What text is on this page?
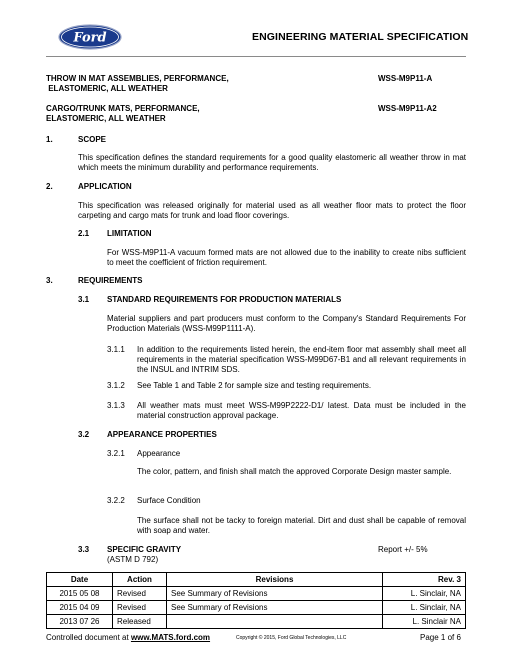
Ford	ENGINEERING MATERIAL SPECIFICATION
THROW IN MAT ASSEMBLIES, PERFORMANCE,
ELASTOMERIC, ALL WEATHER
WSS-M9P11-A
CARGO/TRUNK MATS, PERFORMANCE,
ELASTOMERIC, ALL WEATHER
WSS-M9P11-A2
1.	SCOPE
This specification defines the standard requirements for a good quality elastomeric all weather throw in mat which meets the minimum durability and performance requirements.
2.	APPLICATION
This specification was released originally for material used as all weather floor mats to protect the floor carpeting and cargo mats for trunk and load floor coverings.
2.1 LIMITATION
For WSS-M9P11-A vacuum formed mats are not allowed due to the inability to create nibs sufficient to meet the coefficient of friction requirement.
3.	REQUIREMENTS
3.1 STANDARD REQUIREMENTS FOR PRODUCTION MATERIALS
Material suppliers and part producers must conform to the Company's Standard Requirements For Production Materials (WSS-M99P1111-A).
3.1.1 In addition to the requirements listed herein, the end-item floor mat assembly shall meet all requirements in the material specification WSS-M99D67-B1 and all relevant requirements in the INSUL and INTRIM SDS.
3.1.2 See Table 1 and Table 2 for sample size and testing requirements.
3.1.3 All weather mats must meet WSS-M99P2222-D1/ latest. Data must be included in the material construction approval package.
3.2 APPEARANCE PROPERTIES
3.2.1 Appearance
The color, pattern, and finish shall match the approved Corporate Design master sample.
3.2.2 Surface Condition
The surface shall not be tacky to foreign material. Dirt and dust shall be capable of removal with soap and water.
3.3 SPECIFIC GRAVITY
(ASTM D 792)
Report +/- 5%
Date	Action	Revisions	Rev. 3
2015 05 08	Revised	See Summary of Revisions	L. Sinclair, NA
2015 04 09	Revised	See Summary of Revisions	L. Sinclair, NA
2013 07 26	Released		L. Sinclair NA
Controlled document at www.MATS.ford.com	Copyright © 2015, Ford Global Technologies, LLC	Page 1 of 6
